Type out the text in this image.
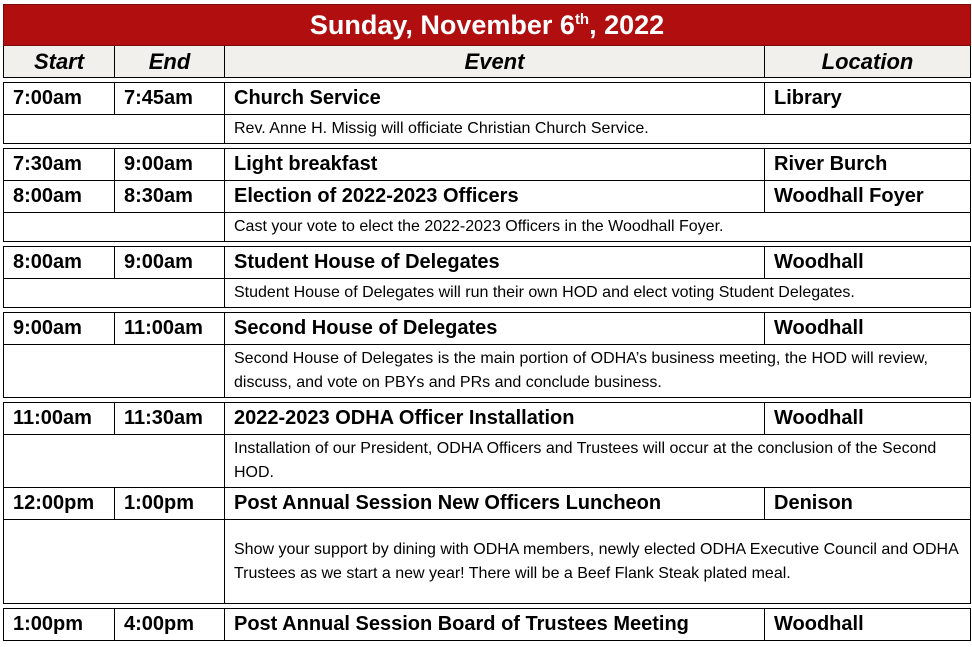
Sunday, November 6th, 2022			
Start	End	Event	Location

7:00am	7:45am	Church Service	Library
		Rev. Anne H. Missig will officiate Christian Church Service.	

7:30am	9:00am	Light breakfast	River Burch
8:00am	8:30am	Election of 2022-2023 Officers	Woodhall Foyer
		Cast your vote to elect the 2022-2023 Officers in the Woodhall Foyer.	

8:00am	9:00am	Student House of Delegates	Woodhall
		Student House of Delegates will run their own HOD and elect voting Student Delegates.	

9:00am	11:00am	Second House of Delegates	Woodhall
		Second House of Delegates is the main portion of ODHA’s business meeting, the HOD will review, discuss, and vote on PBYs and PRs and conclude business.	

11:00am	11:30am	2022-2023 ODHA Officer Installation	Woodhall
		Installation of our President, ODHA Officers and Trustees will occur at the conclusion of the Second HOD.	
12:00pm	1:00pm	Post Annual Session New Officers Luncheon	Denison
		Show your support by dining with ODHA members, newly elected ODHA Executive Council and ODHA Trustees as we start a new year! There will be a Beef Flank Steak plated meal.	

1:00pm	4:00pm	Post Annual Session Board of Trustees Meeting	Woodhall
